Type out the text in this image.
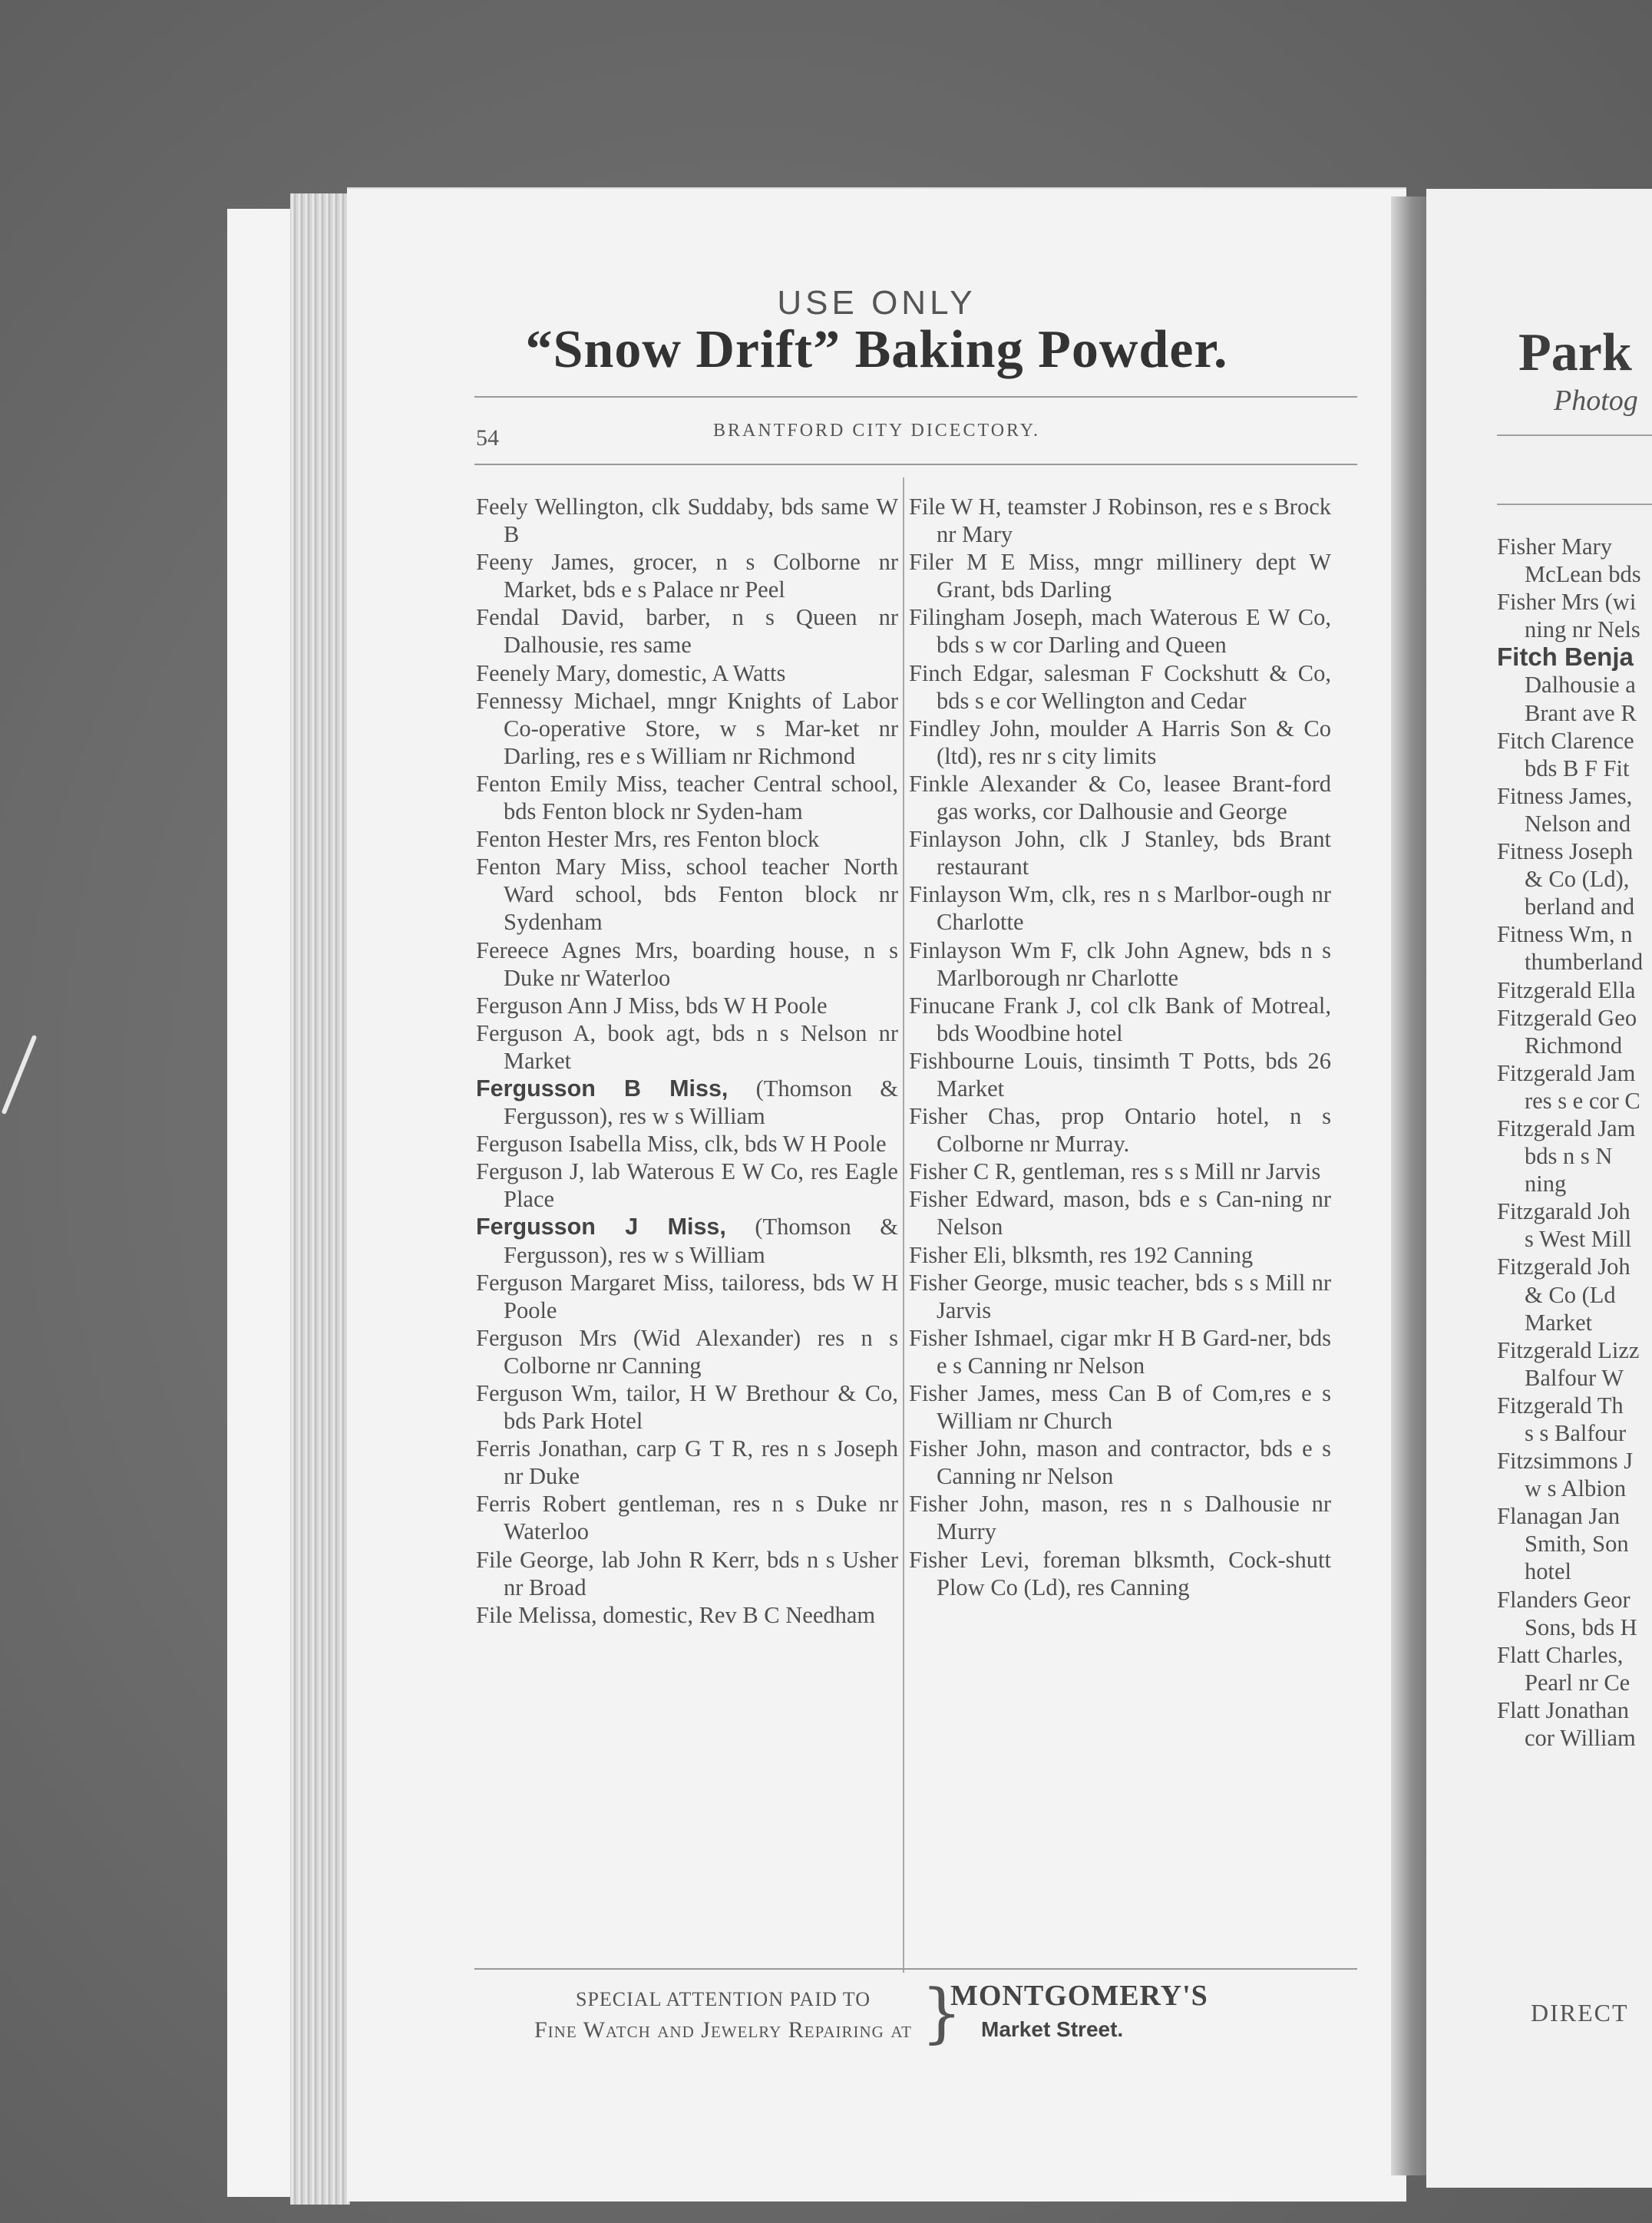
USE ONLY
“Snow Drift” Baking Powder.
54	BRANTFORD CITY DICECTORY.
Feely Wellington, clk Suddaby, bds same W B
Feeny James, grocer, n s Colborne nr Market, bds e s Palace nr Peel
Fendal David, barber, n s Queen nr Dalhousie, res same
Feenely Mary, domestic, A Watts
Fennessy Michael, mngr Knights of Labor Co-operative Store, w s Mar-ket nr Darling, res e s William nr Richmond
Fenton Emily Miss, teacher Central school, bds Fenton block nr Syden-ham
Fenton Hester Mrs, res Fenton block
Fenton Mary Miss, school teacher North Ward school, bds Fenton block nr Sydenham
Fereece Agnes Mrs, boarding house, n s Duke nr Waterloo
Ferguson Ann J Miss, bds W H Poole
Ferguson A, book agt, bds n s Nelson nr Market
Fergusson B Miss, (Thomson & Fergusson), res w s William
Ferguson Isabella Miss, clk, bds W H Poole
Ferguson J, lab Waterous E W Co, res Eagle Place
Fergusson J Miss, (Thomson & Fergusson), res w s William
Ferguson Margaret Miss, tailoress, bds W H Poole
Ferguson Mrs (Wid Alexander) res n s Colborne nr Canning
Ferguson Wm, tailor, H W Brethour & Co, bds Park Hotel
Ferris Jonathan, carp G T R, res n s Joseph nr Duke
Ferris Robert gentleman, res n s Duke nr Waterloo
File George, lab John R Kerr, bds n s Usher nr Broad
File Melissa, domestic, Rev B C Needham
File W H, teamster J Robinson, res e s Brock nr Mary
Filer M E Miss, mngr millinery dept W Grant, bds Darling
Filingham Joseph, mach Waterous E W Co, bds s w cor Darling and Queen
Finch Edgar, salesman F Cockshutt & Co, bds s e cor Wellington and Cedar
Findley John, moulder A Harris Son & Co (ltd), res nr s city limits
Finkle Alexander & Co, leasee Brant-ford gas works, cor Dalhousie and George
Finlayson John, clk J Stanley, bds Brant restaurant
Finlayson Wm, clk, res n s Marlbor-ough nr Charlotte
Finlayson Wm F, clk John Agnew, bds n s Marlborough nr Charlotte
Finucane Frank J, col clk Bank of Motreal, bds Woodbine hotel
Fishbourne Louis, tinsimth T Potts, bds 26 Market
Fisher Chas, prop Ontario hotel, n s Colborne nr Murray.
Fisher C R, gentleman, res s s Mill nr Jarvis
Fisher Edward, mason, bds e s Can-ning nr Nelson
Fisher Eli, blksmth, res 192 Canning
Fisher George, music teacher, bds s s Mill nr Jarvis
Fisher Ishmael, cigar mkr H B Gard-ner, bds e s Canning nr Nelson
Fisher James, mess Can B of Com,res e s William nr Church
Fisher John, mason and contractor, bds e s Canning nr Nelson
Fisher John, mason, res n s Dalhousie nr Murry
Fisher Levi, foreman blksmth, Cock-shutt Plow Co (Ld), res Canning
SPECIAL ATTENTION PAID TO
Fine Watch and Jewelry Repairing at }
MONTGOMERY'S
Market Street.
Park
Photog
Fisher Mary
McLean bds
Fisher Mrs (wi
ning nr Nels
Fitch Benja
Dalhousie a
Brant ave R
Fitch Clarence
bds B F Fit
Fitness James,
Nelson and
Fitness Joseph
& Co (Ld),
berland and
Fitness Wm, n
thumberland
Fitzgerald Ella
Fitzgerald Geo
Richmond
Fitzgerald Jam
res s e cor C
Fitzgerald Jam
bds n s N
ning
Fitzgarald Joh
s West Mill
Fitzgerald Joh
& Co (Ld
Market
Fitzgerald Lizz
Balfour W
Fitzgerald Th
s s Balfour
Fitzsimmons J
w s Albion
Flanagan Jan
Smith, Son
hotel
Flanders Geor
Sons, bds H
Flatt Charles,
Pearl nr Ce
Flatt Jonathan
cor William
DIRECT
